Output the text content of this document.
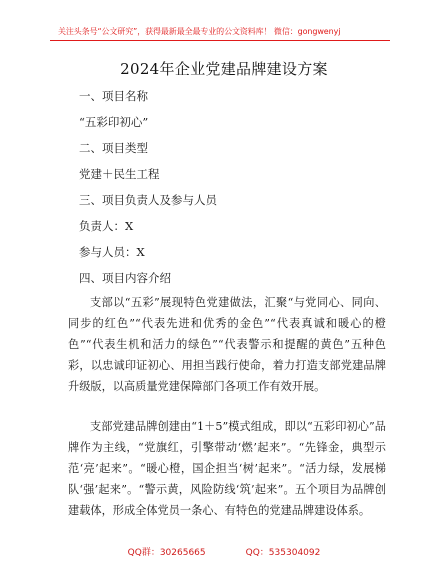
关注头条号“公文研究”，获得最新最全最专业的公文资料库！ 微信：gongwenyj
2024年企业党建品牌建设方案
一、项目名称
“五彩印初心”
二、项目类型
党建＋民生工程
三、项目负责人及参与人员
负责人：X
参与人员：X
四、项目内容介绍
支部以“五彩”展现特色党建做法，汇聚“与党同心、同向、同步的红色”“代表先进和优秀的金色”“代表真诚和暖心的橙色”“代表生机和活力的绿色”“代表警示和提醒的黄色”五种色彩，以忠诚印证初心、用担当践行使命，着力打造支部党建品牌升级版，以高质量党建保障部门各项工作有效开展。
支部党建品牌创建由“1＋5”模式组成，即以“五彩印初心”品牌作为主线，“党旗红，引擎带动‘燃’起来”。“先锋金，典型示范‘亮’起来”。“暖心橙，国企担当‘树’起来”。“活力绿，发展梯队‘强’起来”。“警示黄，风险防线‘筑’起来”。五个项目为品牌创建载体，形成全体党员一条心、有特色的党建品牌建设体系。
QQ群：30265665	QQ：535304092
